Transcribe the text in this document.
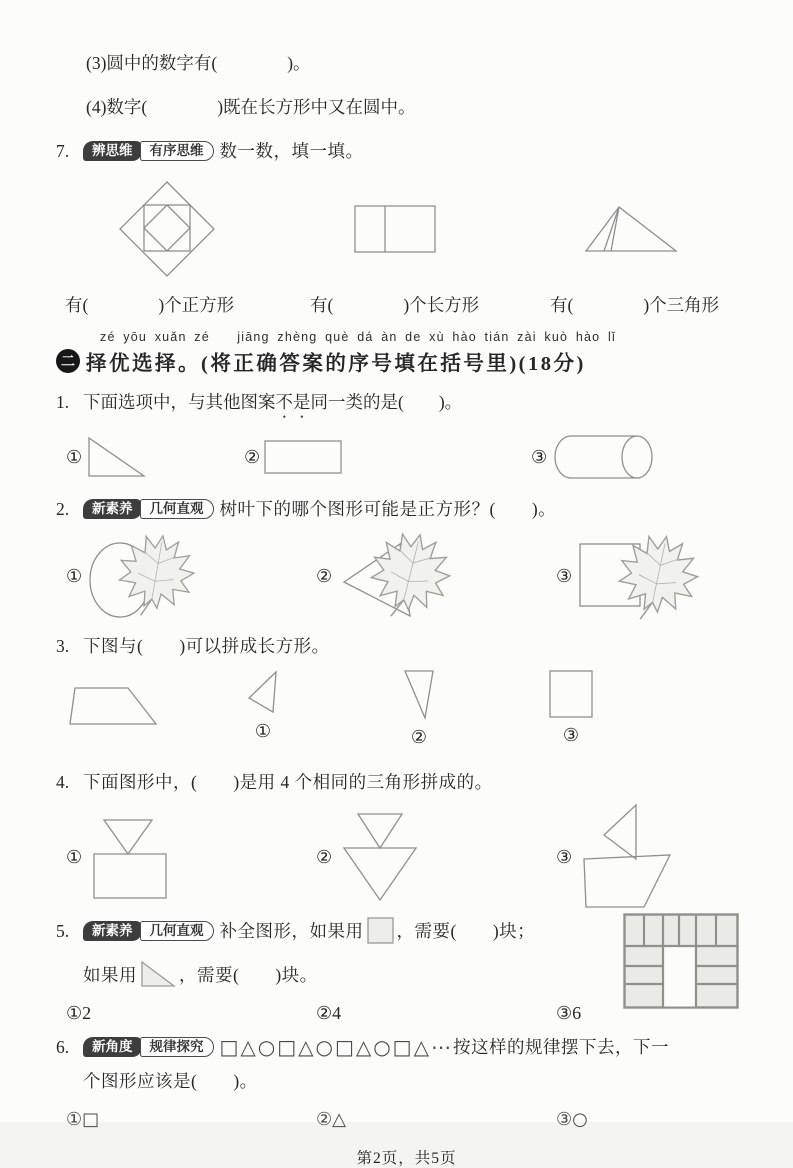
(3)圆中的数字有(　　　　)。
(4)数字(　　　　)既在长方形中又在圆中。
7. 辨思维 有序思维 数一数，填一填。
有(　　　　)个正方形	有(　　　　)个长方形	有(　　　　)个三角形
zé yōu xuǎn zé　　jiāng zhèng què dá àn de xù hào tián zài kuò hào lǐ
二 择优选择。(将正确答案的序号填在括号里)(18分)
1. 下面选项中，与其他图案不是同一类的是(　　)。
①	②	③
2. 新素养 几何直观 树叶下的哪个图形可能是正方形？(　　)。
①	②	③
3. 下图与(　　)可以拼成长方形。
①	②	③
4. 下面图形中，(　　)是用 4 个相同的三角形拼成的。
①	②	③
5. 新素养 几何直观 补全图形，如果用 ，需要(　　)块；
如果用 ，需要(　　)块。
①2	②4	③6
6. 新角度 规律探究 □△○□△○□△○□△⋯按这样的规律摆下去，下一
个图形应该是(　　)。
①□	②△	③○
第2页，共5页
